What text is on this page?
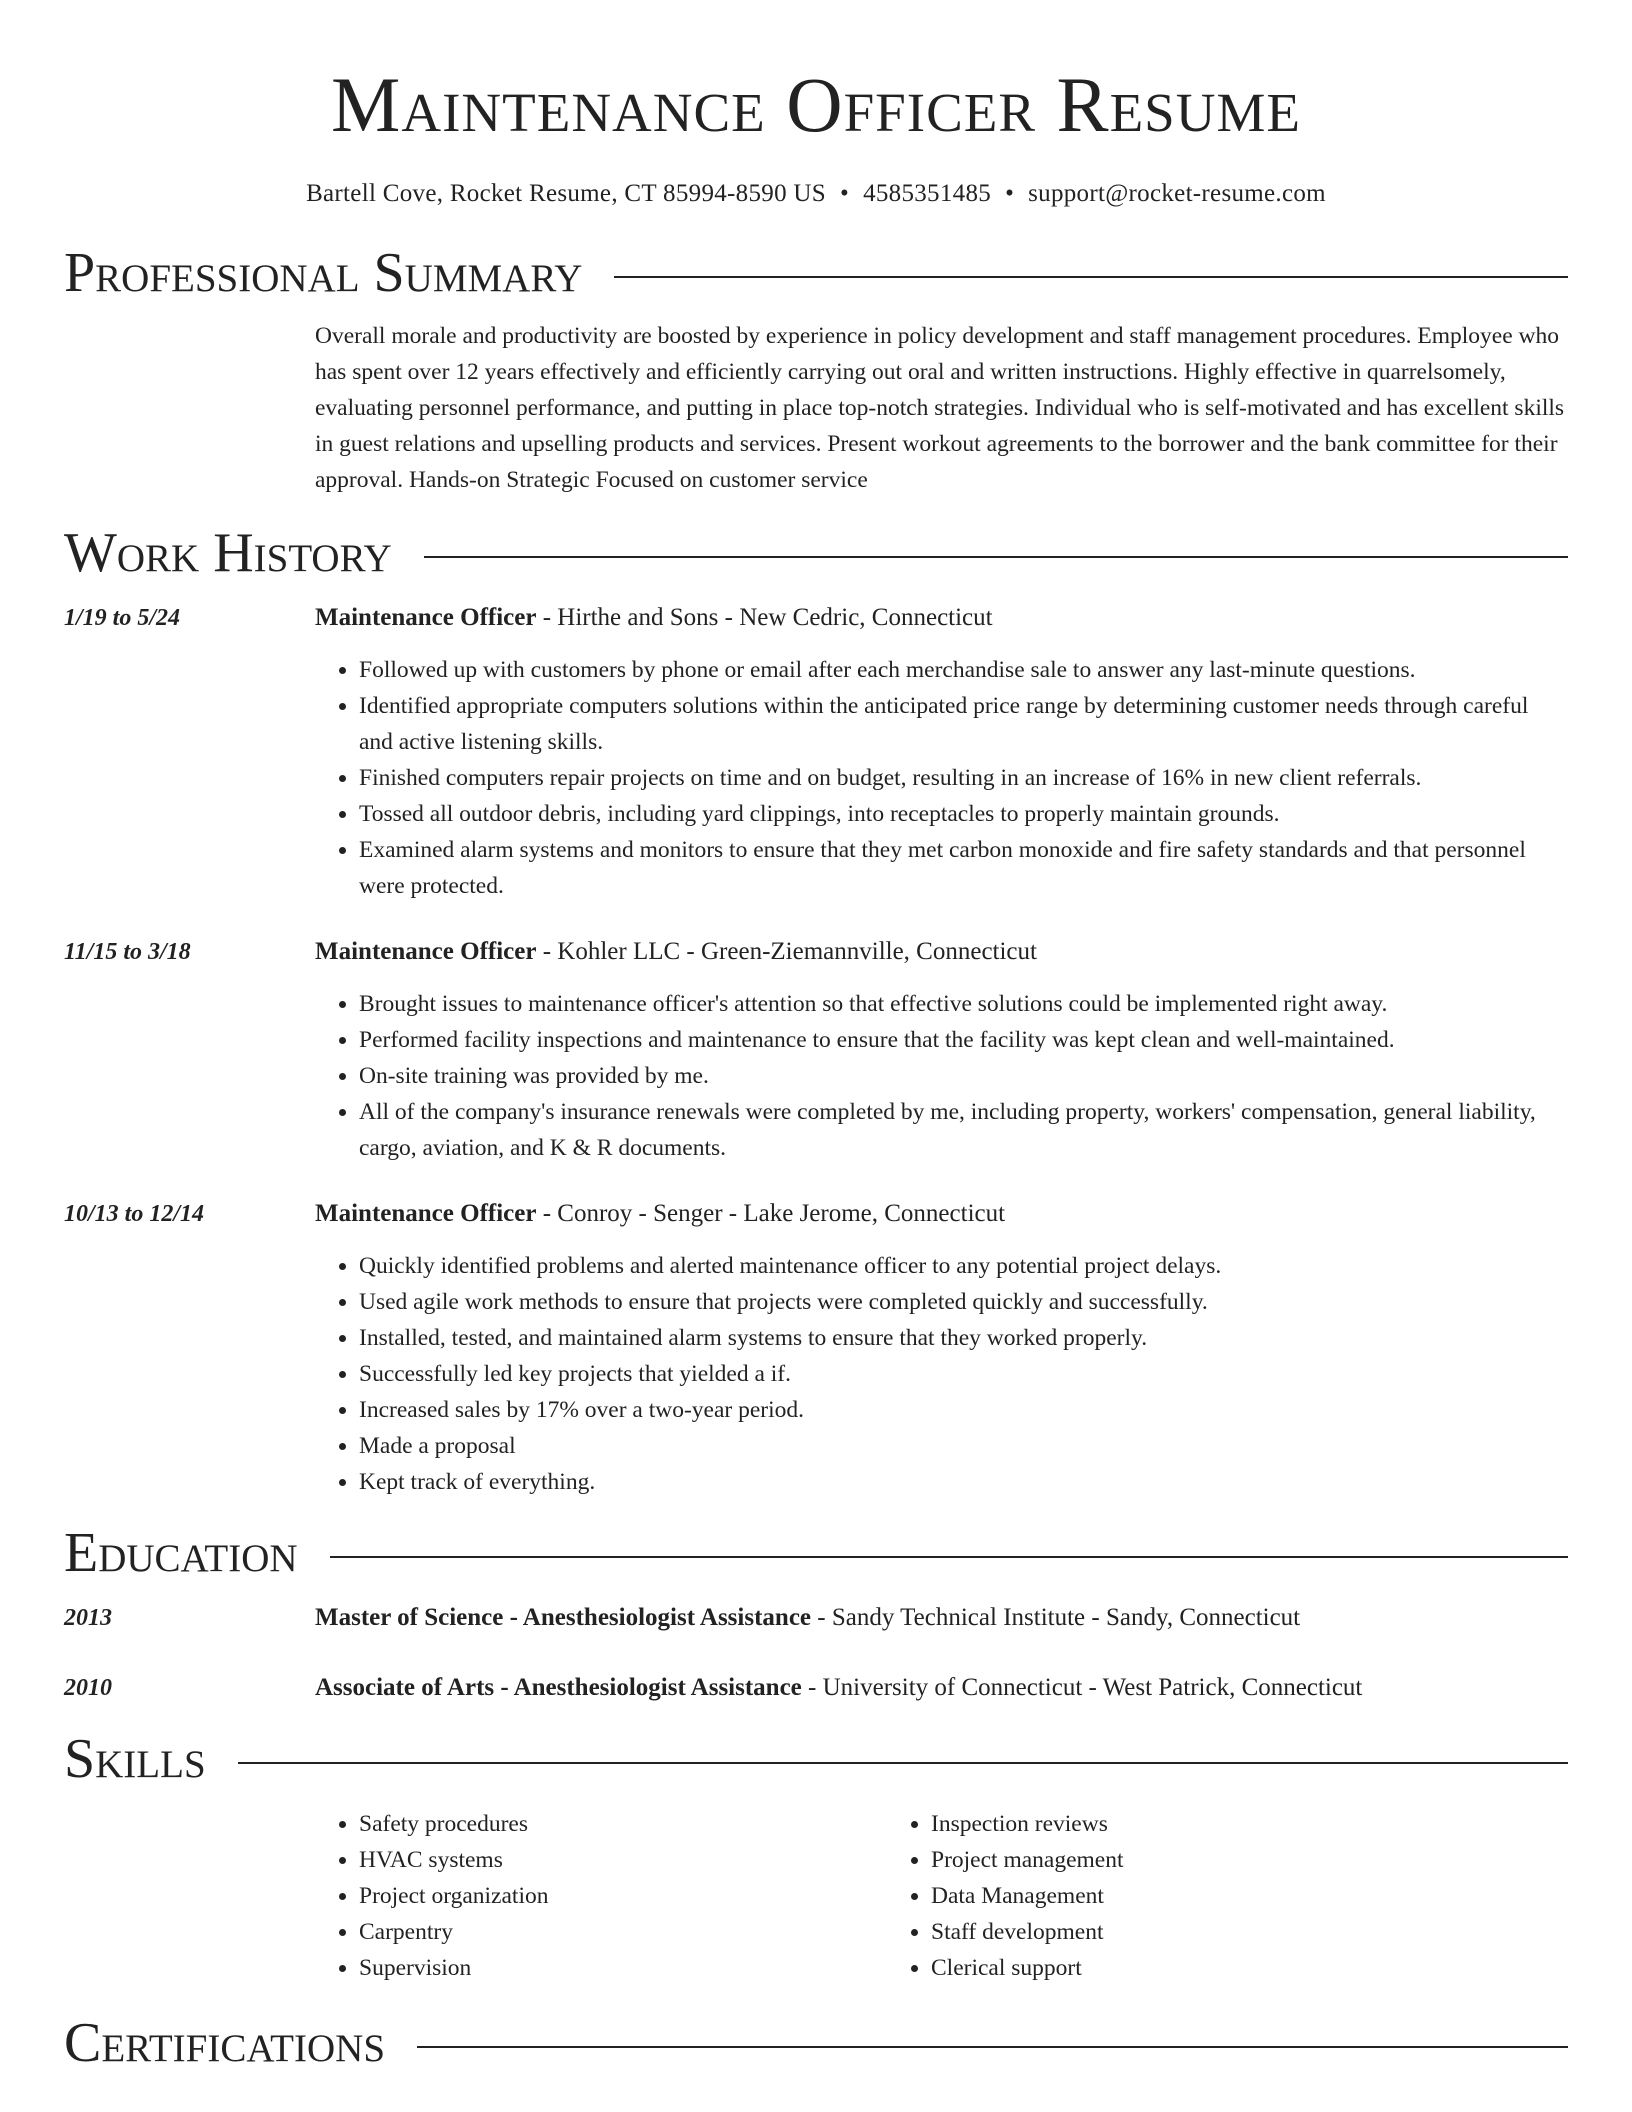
Maintenance Officer Resume
Bartell Cove, Rocket Resume, CT 85994-8590 US • 4585351485 • support@rocket-resume.com
Professional Summary
Overall morale and productivity are boosted by experience in policy development and staff management procedures. Employee who has spent over 12 years effectively and efficiently carrying out oral and written instructions. Highly effective in quarrelsomely, evaluating personnel performance, and putting in place top-notch strategies. Individual who is self-motivated and has excellent skills in guest relations and upselling products and services. Present workout agreements to the borrower and the bank committee for their approval. Hands-on Strategic Focused on customer service
Work History
1/19 to 5/24	Maintenance Officer - Hirthe and Sons - New Cedric, Connecticut
• Followed up with customers by phone or email after each merchandise sale to answer any last-minute questions.
• Identified appropriate computers solutions within the anticipated price range by determining customer needs through careful and active listening skills.
• Finished computers repair projects on time and on budget, resulting in an increase of 16% in new client referrals.
• Tossed all outdoor debris, including yard clippings, into receptacles to properly maintain grounds.
• Examined alarm systems and monitors to ensure that they met carbon monoxide and fire safety standards and that personnel were protected.
11/15 to 3/18	Maintenance Officer - Kohler LLC - Green-Ziemannville, Connecticut
• Brought issues to maintenance officer's attention so that effective solutions could be implemented right away.
• Performed facility inspections and maintenance to ensure that the facility was kept clean and well-maintained.
• On-site training was provided by me.
• All of the company's insurance renewals were completed by me, including property, workers' compensation, general liability, cargo, aviation, and K & R documents.
10/13 to 12/14	Maintenance Officer - Conroy - Senger - Lake Jerome, Connecticut
• Quickly identified problems and alerted maintenance officer to any potential project delays.
• Used agile work methods to ensure that projects were completed quickly and successfully.
• Installed, tested, and maintained alarm systems to ensure that they worked properly.
• Successfully led key projects that yielded a if.
• Increased sales by 17% over a two-year period.
• Made a proposal
• Kept track of everything.
Education
2013	Master of Science - Anesthesiologist Assistance - Sandy Technical Institute - Sandy, Connecticut
2010	Associate of Arts - Anesthesiologist Assistance - University of Connecticut - West Patrick, Connecticut
Skills
• Safety procedures
• HVAC systems
• Project organization
• Carpentry
• Supervision
• Inspection reviews
• Project management
• Data Management
• Staff development
• Clerical support
Certifications
